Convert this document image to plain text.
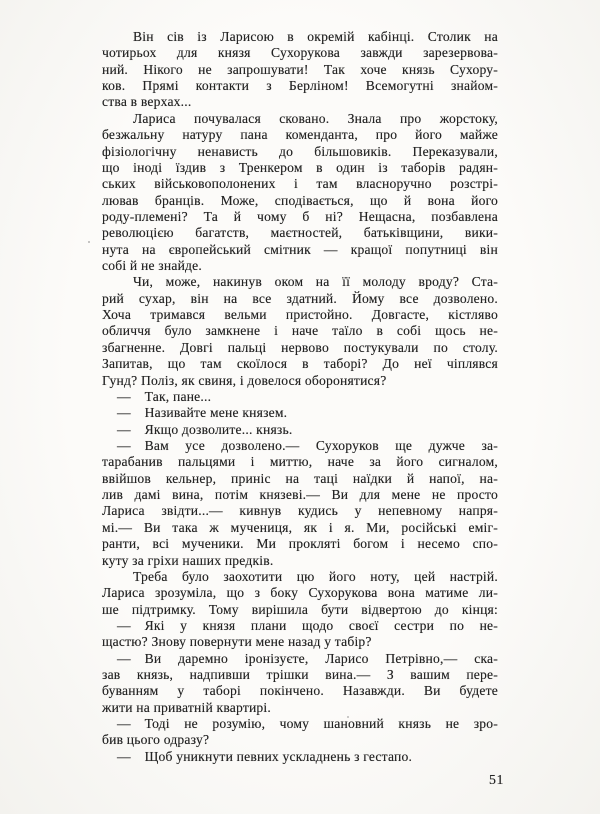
Він сів із Ларисою в окремій кабінці. Столик на
чотирьох для князя Сухорукова завжди зарезервова-
ний. Нікого не запрошувати! Так хоче князь Сухору-
ков. Прямі контакти з Берліном! Всемогутні знайом-
ства в верхах...
Лариса почувалася сковано. Знала про жорстоку,
безжальну натуру пана коменданта, про його майже
фізіологічну ненависть до більшовиків. Переказували,
що іноді їздив з Тренкером в один із таборів радян-
ських військовополонених і там власноручно розстрі-
лював бранців. Може, сподівається, що й вона його
роду-племені? Та й чому б ні? Нещасна, позбавлена
революцією багатств, маєтностей, батьківщини, вики-
нута на європейський смітник — кращої попутниці він
собі й не знайде.
Чи, може, накинув оком на її молоду вроду? Ста-
рий сухар, він на все здатний. Йому все дозволено.
Хоча тримався вельми пристойно. Довгасте, кістляво
обличчя було замкнене і наче таїло в собі щось не-
збагненне. Довгі пальці нервово постукували по столу.
Запитав, що там скоїлося в таборі? До неї чіплявся
Гунд? Поліз, як свиня, і довелося оборонятися?
— Так, пане...
— Називайте мене князем.
— Якщо дозволите... князь.
— Вам усе дозволено.— Сухоруков ще дужче за-
тарабанив пальцями і миттю, наче за його сигналом,
ввійшов кельнер, приніс на таці наїдки й напої, на-
лив дамі вина, потім князеві.— Ви для мене не просто
Лариса звідти...— кивнув кудись у непевному напря-
мі.— Ви така ж мучениця, як і я. Ми, російські еміг-
ранти, всі мученики. Ми прокляті богом і несемо спо-
куту за гріхи наших предків.
Треба було заохотити цю його ноту, цей настрій.
Лариса зрозуміла, що з боку Сухорукова вона матиме ли-
ше підтримку. Тому вирішила бути відвертою до кінця:
— Які у князя плани щодо своєї сестри по не-
щастю? Знову повернути мене назад у табір?
— Ви даремно іронізуєте, Ларисо Петрівно,— ска-
зав князь, надпивши трішки вина.— З вашим пере-
буванням у таборі покінчено. Назавжди. Ви будете
жити на приватній квартирі.
— Тоді не розумію, чому шановний князь не зро-
бив цього одразу?
— Щоб уникнути певних ускладнень з гестапо.
51
